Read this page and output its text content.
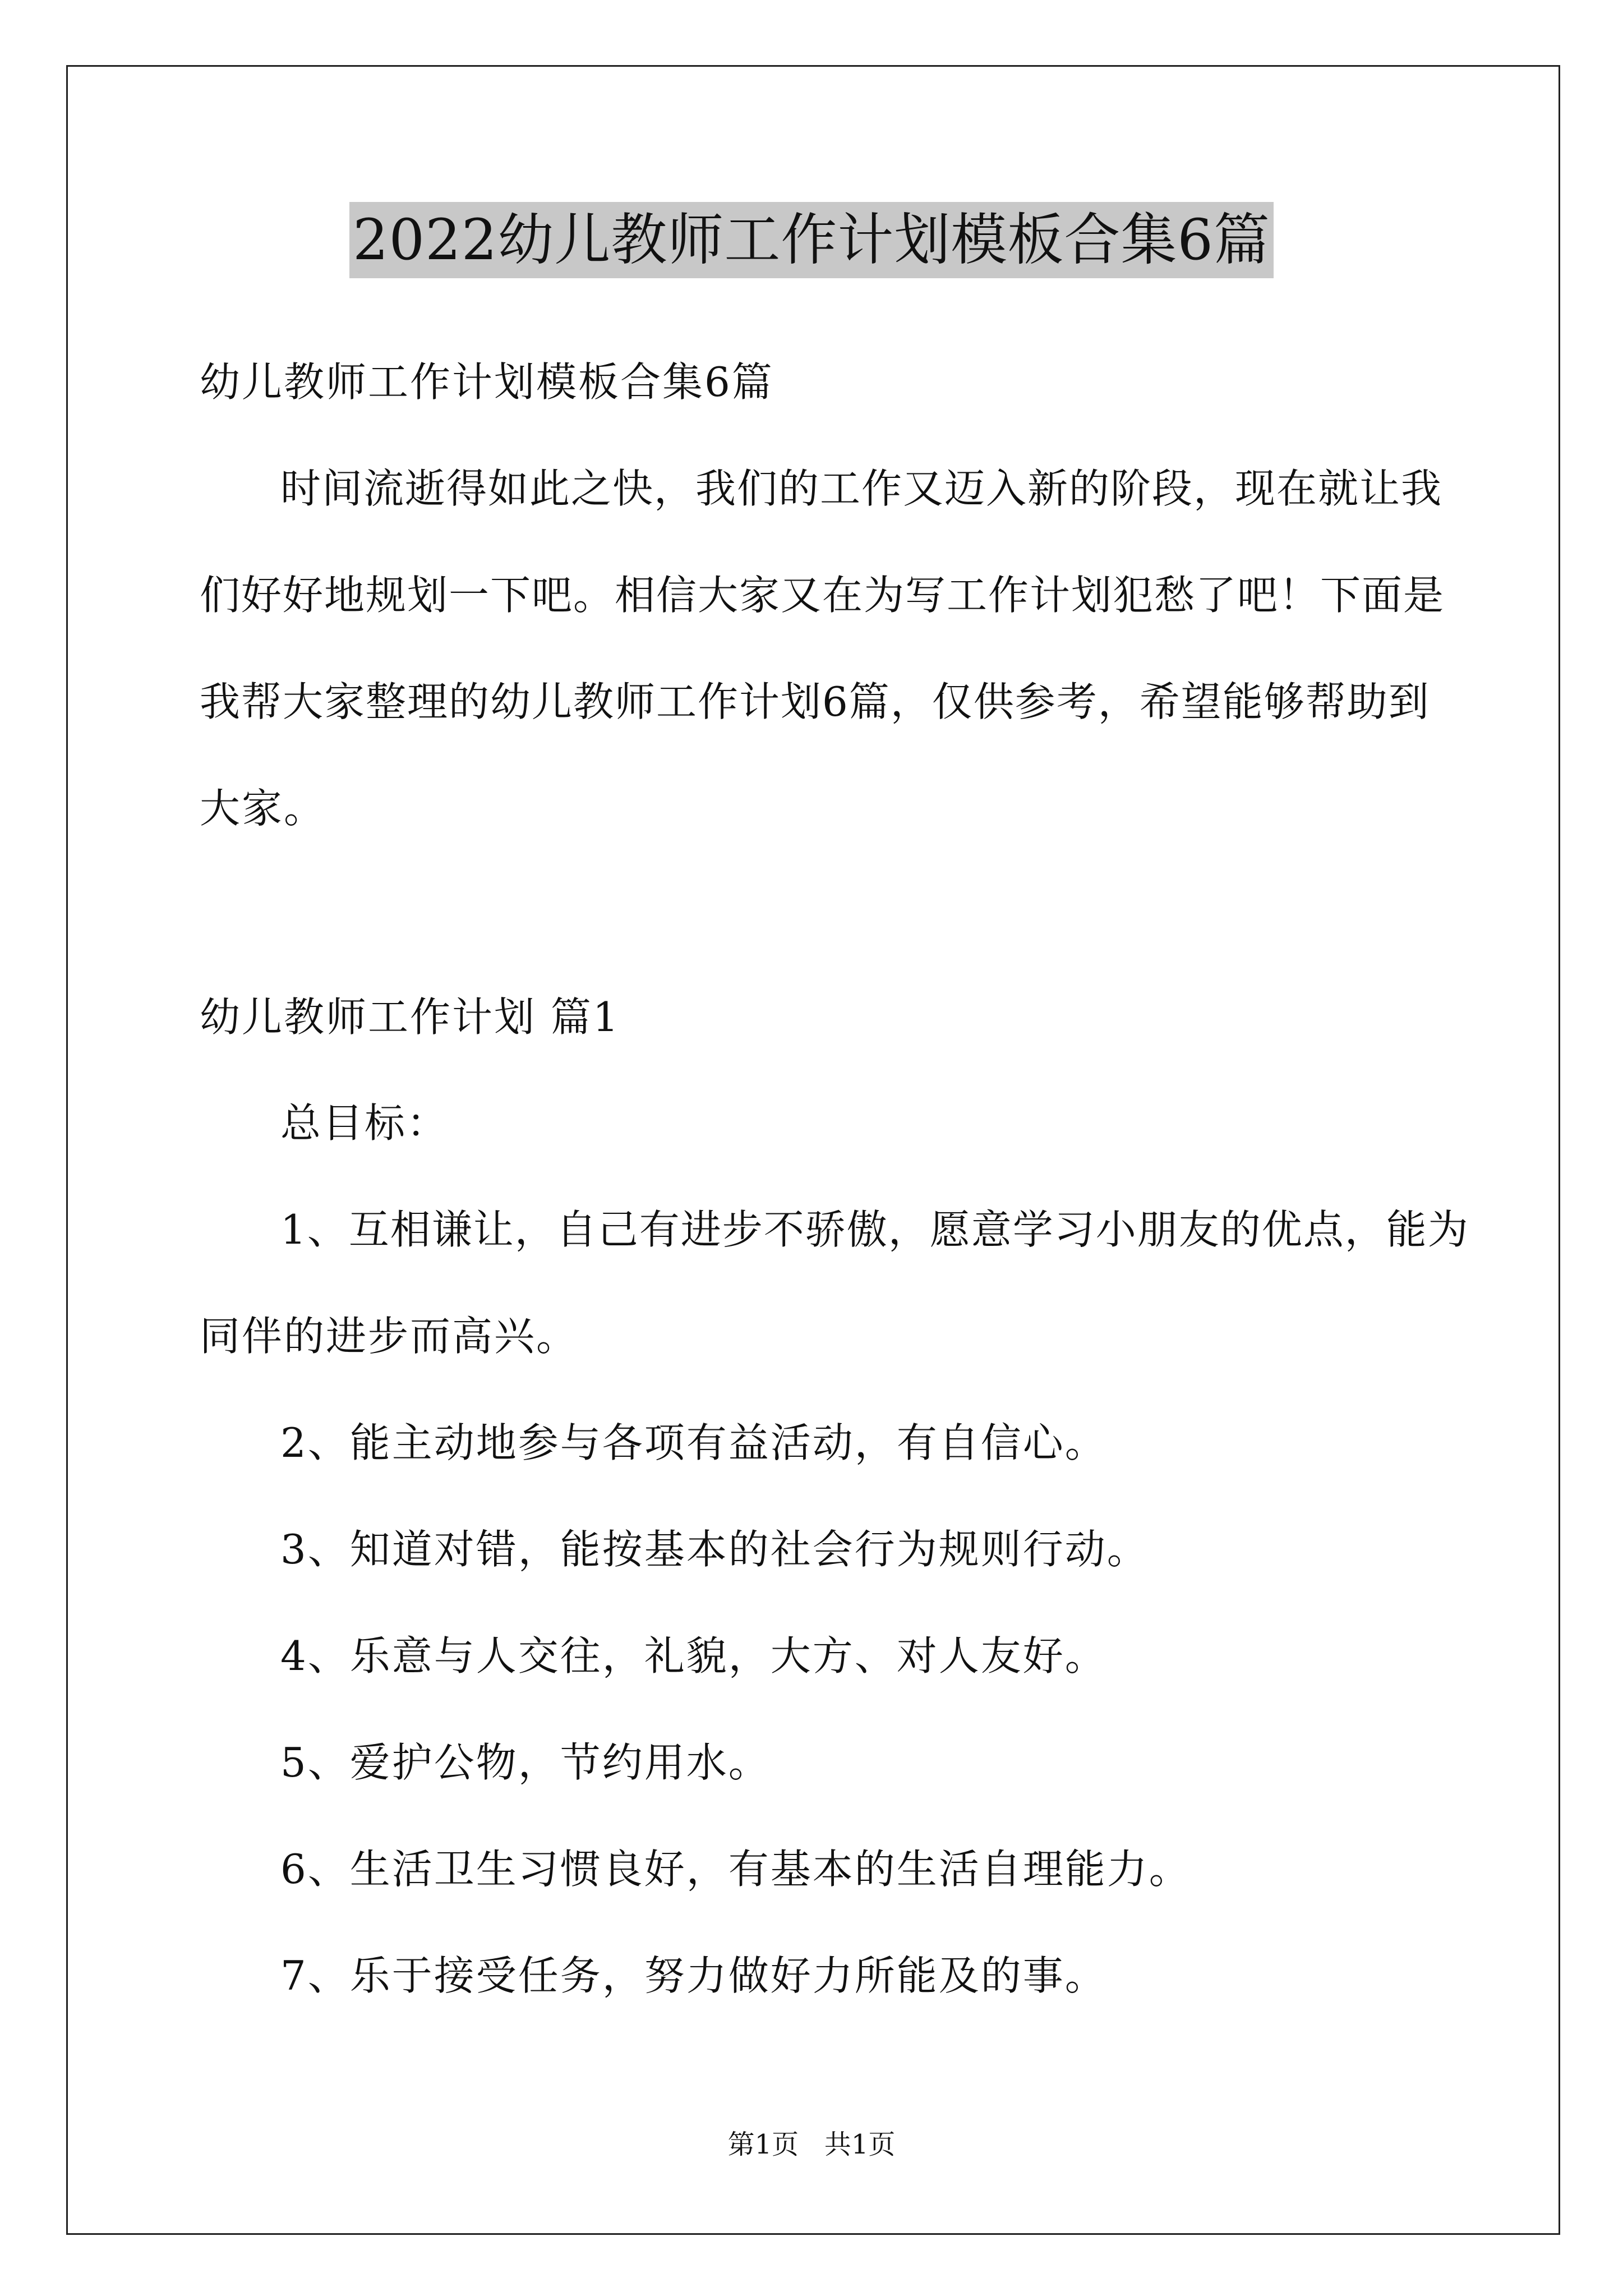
2022幼儿教师工作计划模板合集6篇
幼儿教师工作计划模板合集6篇
时间流逝得如此之快，我们的工作又迈入新的阶段，现在就让我
们好好地规划一下吧。相信大家又在为写工作计划犯愁了吧！下面是
我帮大家整理的幼儿教师工作计划6篇，仅供参考，希望能够帮助到
大家。
幼儿教师工作计划 篇1
总目标：
1、互相谦让，自己有进步不骄傲，愿意学习小朋友的优点，能为
同伴的进步而高兴。
2、能主动地参与各项有益活动，有自信心。
3、知道对错，能按基本的社会行为规则行动。
4、乐意与人交往，礼貌，大方、对人友好。
5、爱护公物，节约用水。
6、生活卫生习惯良好，有基本的生活自理能力。
7、乐于接受任务，努力做好力所能及的事。
第1页   共1页
